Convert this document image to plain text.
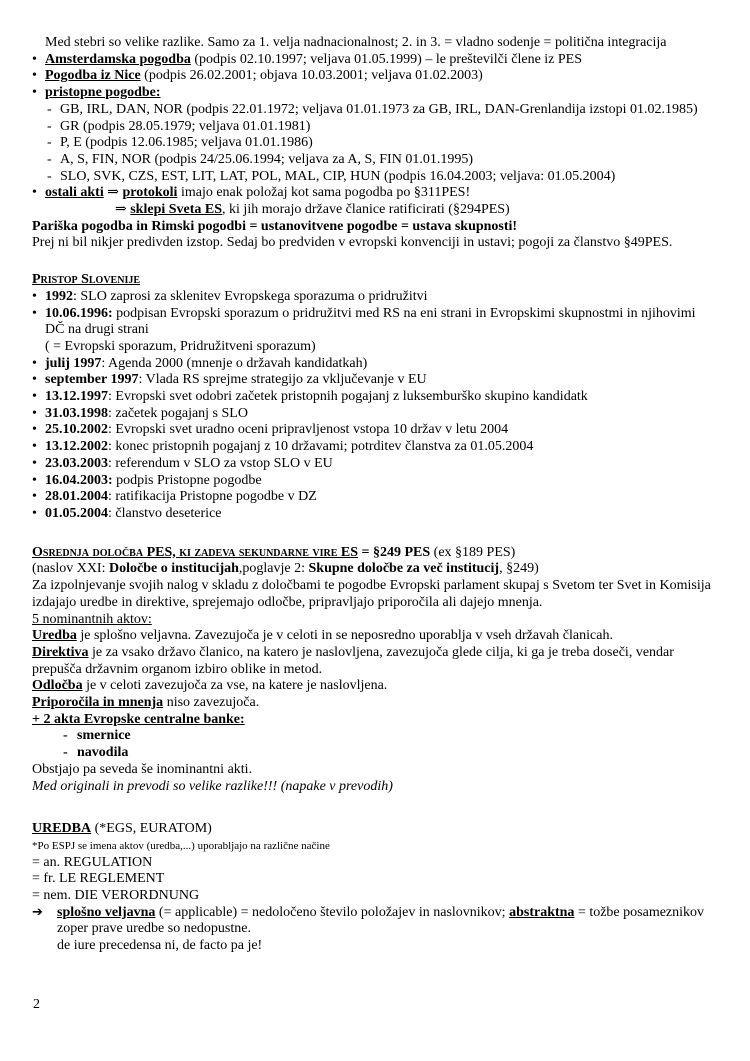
Med stebri so velike razlike. Samo za 1. velja nadnacionalnost; 2. in 3. = vladno sodenje = politična integracija
• Amsterdamska pogodba (podpis 02.10.1997; veljava 01.05.1999) – le preštevilči člene iz PES
• Pogodba iz Nice (podpis 26.02.2001; objava 10.03.2001; veljava 01.02.2003)
• pristopne pogodbe:
- GB, IRL, DAN, NOR (podpis 22.01.1972; veljava 01.01.1973 za GB, IRL, DAN-Grenlandija izstopi 01.02.1985)
- GR (podpis 28.05.1979; veljava 01.01.1981)
- P, E (podpis 12.06.1985; veljava 01.01.1986)
- A, S, FIN, NOR (podpis 24/25.06.1994; veljava za A, S, FIN 01.01.1995)
- SLO, SVK, CZS, EST, LIT, LAT, POL, MAL, CIP, HUN (podpis 16.04.2003; veljava: 01.05.2004)
• ostali akti ⇒ protokoli imajo enak položaj kot sama pogodba po §311PES!
⇒ sklepi Sveta ES, ki jih morajo države članice ratificirati (§294PES)
Pariška pogodba in Rimski pogodbi = ustanovitvene pogodbe = ustava skupnosti!
Prej ni bil nikjer predivden izstop. Sedaj bo predviden v evropski konvenciji in ustavi; pogoji za članstvo §49PES.
Pristop Slovenije
• 1992: SLO zaprosi za sklenitev Evropskega sporazuma o pridružitvi
• 10.06.1996: podpisan Evropski sporazum o pridružitvi med RS na eni strani in Evropskimi skupnostmi in njihovimi DČ na drugi strani
( = Evropski sporazum, Pridružitveni sporazum)
• julij 1997: Agenda 2000 (mnenje o državah kandidatkah)
• september 1997: Vlada RS sprejme strategijo za vključevanje v EU
• 13.12.1997: Evropski svet odobri začetek pristopnih pogajanj z luksemburško skupino kandidatk
• 31.03.1998: začetek pogajanj s SLO
• 25.10.2002: Evropski svet uradno oceni pripravljenost vstopa 10 držav v letu 2004
• 13.12.2002: konec pristopnih pogajanj z 10 državami; potrditev članstva za 01.05.2004
• 23.03.2003: referendum v SLO za vstop SLO v EU
• 16.04.2003: podpis Pristopne pogodbe
• 28.01.2004: ratifikacija Pristopne pogodbe v DZ
• 01.05.2004: članstvo deseterice
Osrednja določba PES, ki zadeva sekundarne vire ES = §249 PES (ex §189 PES)
(naslov XXI: Določbe o institucijah,poglavje 2: Skupne določbe za več institucij, §249)
Za izpolnjevanje svojih nalog v skladu z določbami te pogodbe Evropski parlament skupaj s Svetom ter Svet in Komisija izdajajo uredbe in direktive, sprejemajo odločbe, pripravljajo priporočila ali dajejo mnenja.
5 nominantnih aktov:
Uredba je splošno veljavna. Zavezujoča je v celoti in se neposredno uporablja v vseh državah članicah.
Direktiva je za vsako državo članico, na katero je naslovljena, zavezujoča glede cilja, ki ga je treba doseči, vendar prepušča državnim organom izbiro oblike in metod.
Odločba je v celoti zavezujoča za vse, na katere je naslovljena.
Priporočila in mnenja niso zavezujoča.
+ 2 akta Evropske centralne banke:
- smernice
- navodila
Obstjajo pa seveda še inominantni akti.
Med originali in prevodi so velike razlike!!! (napake v prevodih)
UREDBA (*EGS, EURATOM)
*Po ESPJ se imena aktov (uredba,...) uporabljajo na različne načine
= an. REGULATION
= fr. LE REGLEMENT
= nem. DIE VERORDNUNG
➔ splošno veljavna (= applicable) = nedoločeno število položajev in naslovnikov; abstraktna = tožbe posameznikov zoper prave uredbe so nedopustne.
de iure precedensa ni, de facto pa je!
2
